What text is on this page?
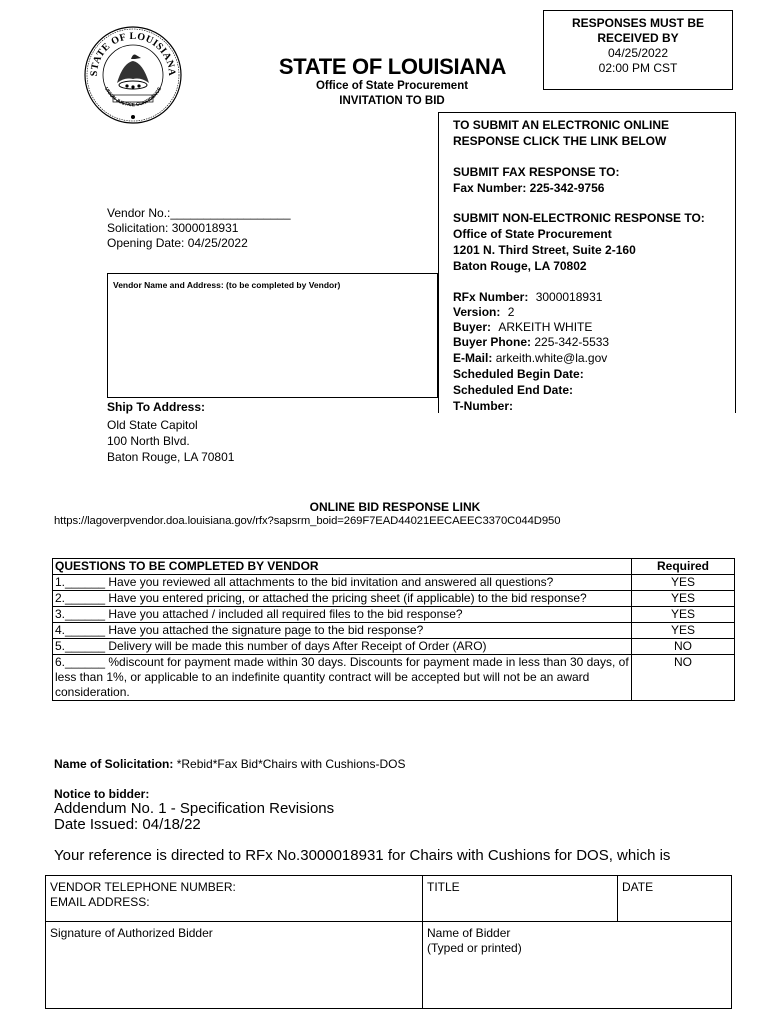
STATE OF LOUISIANA
UNION JUSTICE CONFIDENCE
STATE OF LOUISIANA
Office of State Procurement
INVITATION TO BID
RESPONSES MUST BE
RECEIVED BY
04/25/2022
02:00 PM CST
TO SUBMIT AN ELECTRONIC ONLINE
RESPONSE CLICK THE LINK BELOW
SUBMIT FAX RESPONSE TO:
Fax Number: 225-342-9756
SUBMIT NON-ELECTRONIC RESPONSE TO:
Office of State Procurement
1201 N. Third Street, Suite 2-160
Baton Rouge, LA 70802
RFx Number: 3000018931
Version: 2
Buyer: ARKEITH WHITE
Buyer Phone: 225-342-5533
E-Mail: arkeith.white@la.gov
Scheduled Begin Date:
Scheduled End Date:
T-Number:
Vendor No.:__________________
Solicitation: 3000018931
Opening Date: 04/25/2022
Vendor Name and Address: (to be completed by Vendor)
Ship To Address:
Old State Capitol
100 North Blvd.
Baton Rouge, LA 70801
ONLINE BID RESPONSE LINK
https://lagoverpvendor.doa.louisiana.gov/rfx?sapsrm_boid=269F7EAD44021EECAEEC3370C044D950
QUESTIONS TO BE COMPLETED BY VENDOR	Required
1.______ Have you reviewed all attachments to the bid invitation and answered all questions?	YES
2.______ Have you entered pricing, or attached the pricing sheet (if applicable) to the bid response?	YES
3.______ Have you attached / included all required files to the bid response?	YES
4.______ Have you attached the signature page to the bid response?	YES
5.______ Delivery will be made this number of days After Receipt of Order (ARO)	NO
6.______ %discount for payment made within 30 days. Discounts for payment made in less than 30 days, of less than 1%, or applicable to an indefinite quantity contract will be accepted but will not be an award consideration.	NO
Name of Solicitation: *Rebid*Fax Bid*Chairs with Cushions-DOS
Notice to bidder:
Addendum No. 1 - Specification Revisions
Date Issued: 04/18/22
Your reference is directed to RFx No.3000018931 for Chairs with Cushions for DOS, which is
VENDOR TELEPHONE NUMBER:
EMAIL ADDRESS:	TITLE	DATE

Signature of Authorized Bidder	Name of Bidder
(Typed or printed)	
